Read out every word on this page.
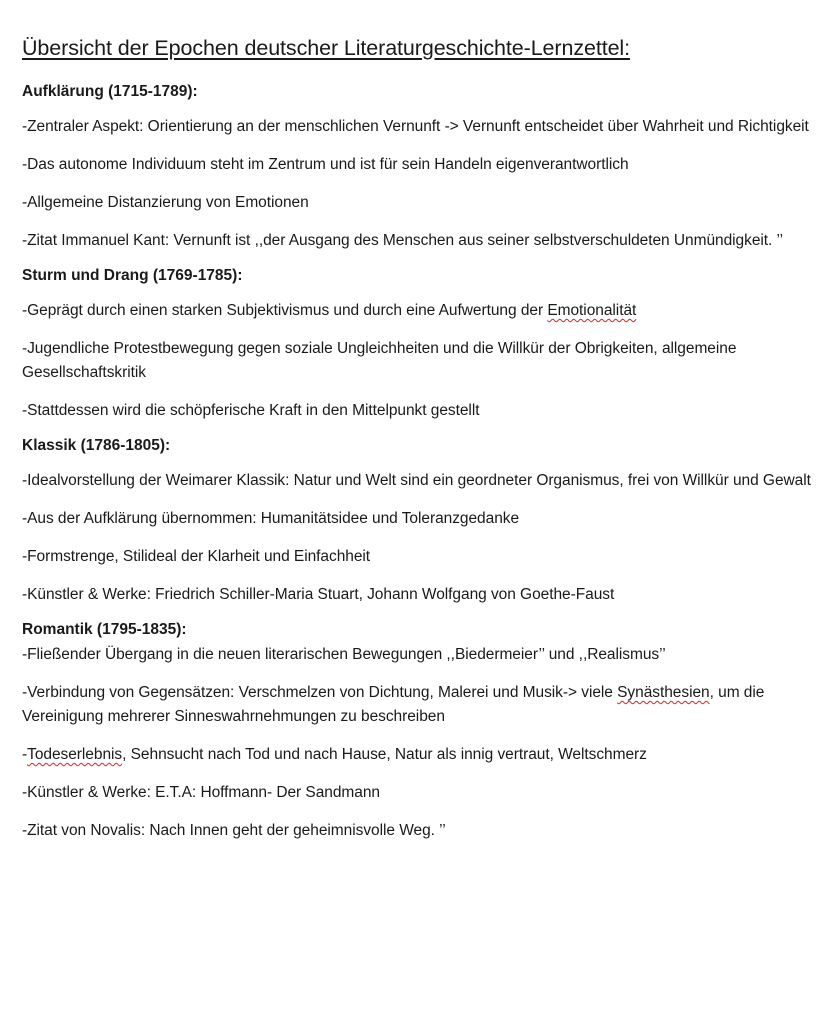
Übersicht der Epochen deutscher Literaturgeschichte-Lernzettel:
Aufklärung (1715-1789):

-Zentraler Aspekt: Orientierung an der menschlichen Vernunft -> Vernunft entscheidet über Wahrheit und Richtigkeit

-Das autonome Individuum steht im Zentrum und ist für sein Handeln eigenverantwortlich

-Allgemeine Distanzierung von Emotionen

-Zitat Immanuel Kant: Vernunft ist ,,der Ausgang des Menschen aus seiner selbstverschuldeten Unmündigkeit. ’’

Sturm und Drang (1769-1785):

-Geprägt durch einen starken Subjektivismus und durch eine Aufwertung der Emotionalität

-Jugendliche Protestbewegung gegen soziale Ungleichheiten und die Willkür der Obrigkeiten, allgemeine Gesellschaftskritik

-Stattdessen wird die schöpferische Kraft in den Mittelpunkt gestellt

Klassik (1786-1805):

-Idealvorstellung der Weimarer Klassik: Natur und Welt sind ein geordneter Organismus, frei von Willkür und Gewalt

-Aus der Aufklärung übernommen: Humanitätsidee und Toleranzgedanke

-Formstrenge, Stilideal der Klarheit und Einfachheit

-Künstler & Werke: Friedrich Schiller-Maria Stuart, Johann Wolfgang von Goethe-Faust

Romantik (1795-1835):

-Fließender Übergang in die neuen literarischen Bewegungen ,,Biedermeier’’ und ,,Realismus’’

-Verbindung von Gegensätzen: Verschmelzen von Dichtung, Malerei und Musik-> viele Synästhesien, um die Vereinigung mehrerer Sinneswahrnehmungen zu beschreiben

-Todeserlebnis, Sehnsucht nach Tod und nach Hause, Natur als innig vertraut, Weltschmerz

-Künstler & Werke: E.T.A: Hoffmann- Der Sandmann

-Zitat von Novalis: Nach Innen geht der geheimnisvolle Weg. ’’
